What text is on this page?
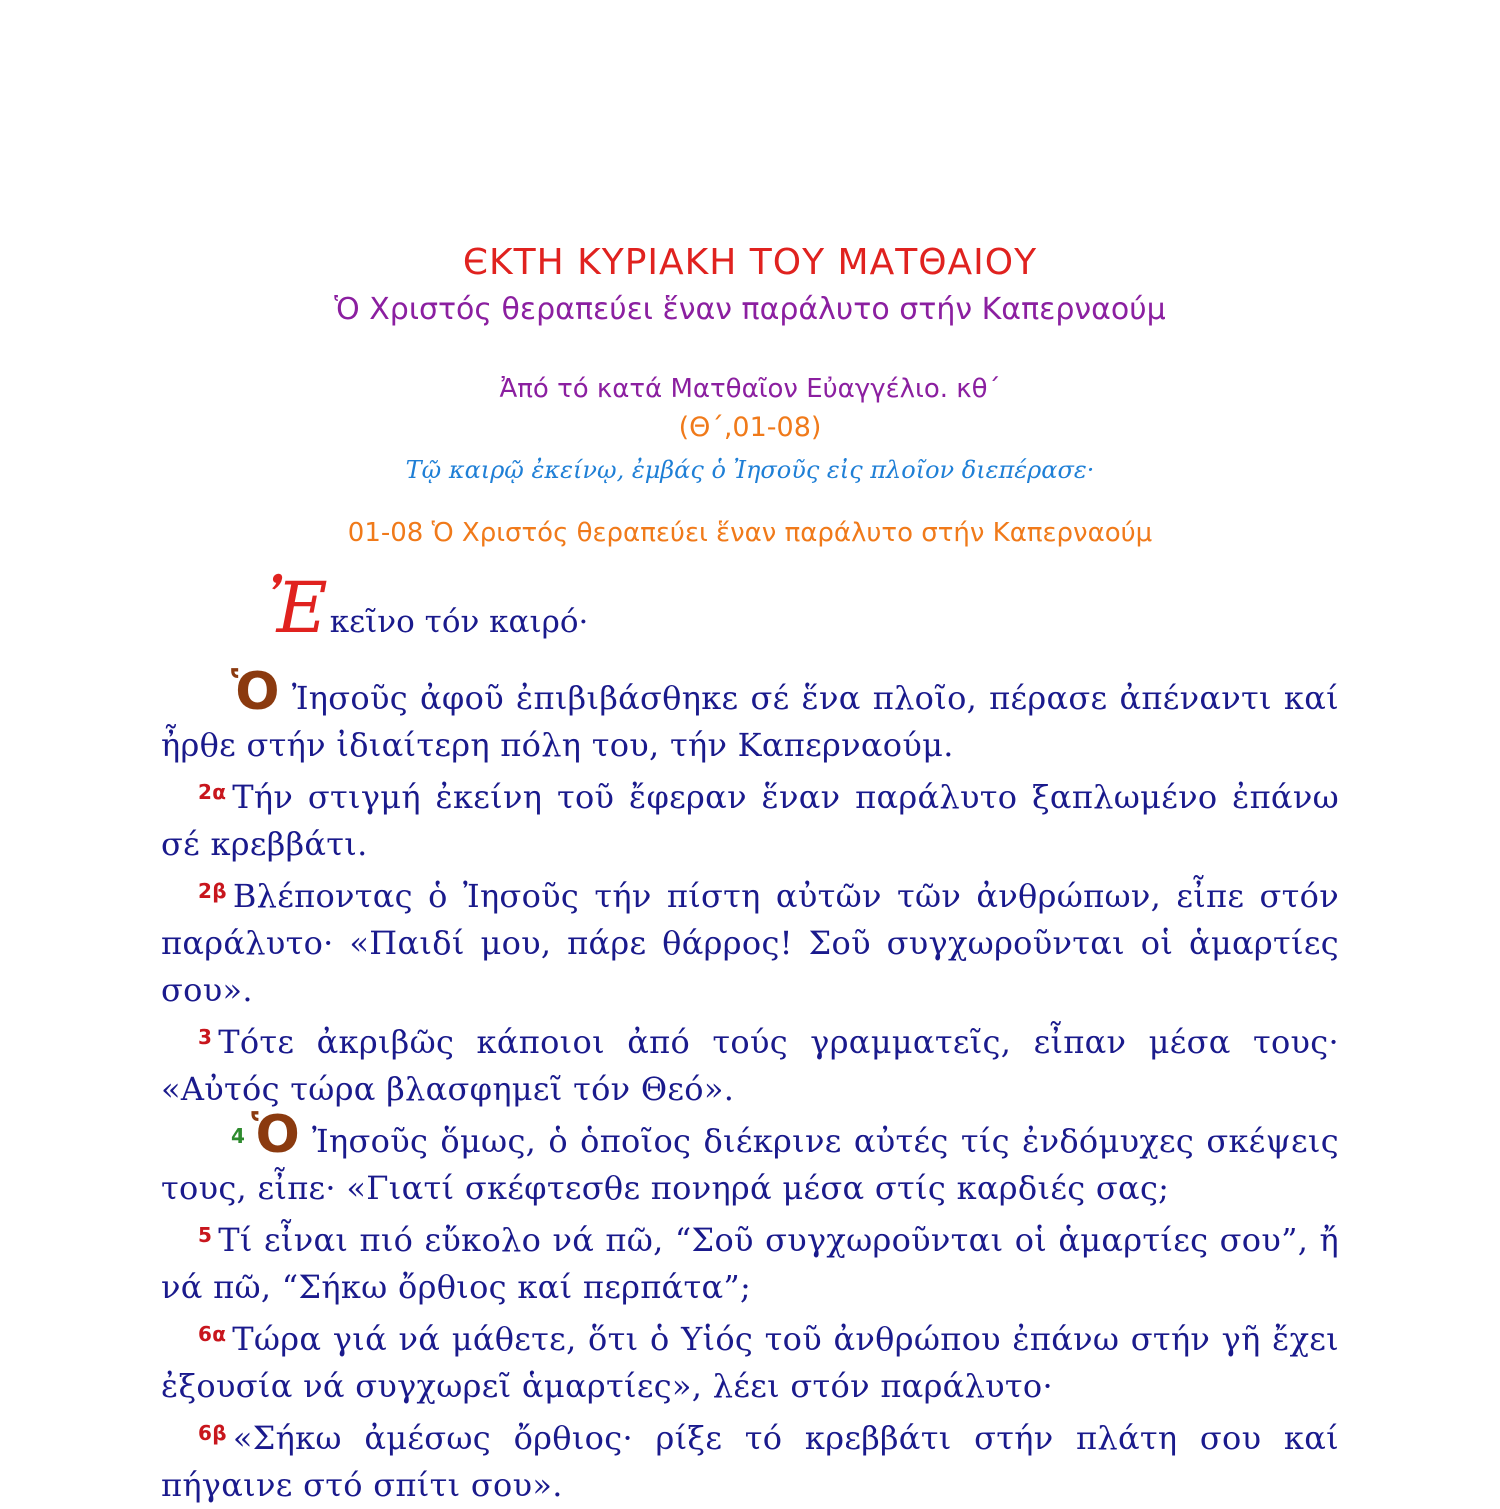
ЄΚΤΗ ΚΥΡΙΑΚΗ ΤΟΥ ΜΑΤΘΑΙΟΥ
Ὁ Χριστός θεραπεύει ἕναν παράλυτο στήν Καπερναούμ
Ἀπό τό κατά Ματθαῖον Εὐαγγέλιο. κθ΄
(Θ΄,01-08)
Τῷ καιρῷ ἐκείνῳ, ἐμβάς ὁ Ἰησοῦς εἰς πλοῖον διεπέρασε·
01-08 Ὁ Χριστός θεραπεύει ἕναν παράλυτο στήν Καπερναούμ
Ἐκεῖνο τόν καιρό·

Ὁ Ἰησοῦς ἀφοῦ ἐπιβιβάσθηκε σέ ἕνα πλοῖο, πέρασε ἀπέναντι καί ἦρθε στήν ἰδιαίτερη πόλη του, τήν Καπερναούμ.

$^{2\alpha}$ Τήν στιγμή ἐκείνη τοῦ ἔφεραν ἕναν παράλυτο ξαπλωμένο ἐπάνω σέ κρεββάτι.

$^{2\beta}$ Βλέποντας ὁ Ἰησοῦς τήν πίστη αὐτῶν τῶν ἀνθρώπων, εἶπε στόν παράλυτο· «Παιδί μου, πάρε θάρρος! Σοῦ συγχωροῦνται οἱ ἁμαρτίες σου».

$^3$ Τότε ἀκριβῶς κάποιοι ἀπό τούς γραμματεῖς, εἶπαν μέσα τους· «Αὐτός τώρα βλασφημεῖ τόν Θεό».

$^4$ Ὁ Ἰησοῦς ὅμως, ὁ ὁποῖος διέκρινε αὐτές τίς ἐνδόμυχες σκέψεις τους, εἶπε· «Γιατί σκέφτεσθε πονηρά μέσα στίς καρδιές σας;

$^5$ Τί εἶναι πιό εὔκολο νά πῶ, “Σοῦ συγχωροῦνται οἱ ἁμαρτίες σου”, ἤ νά πῶ, “Σήκω ὄρθιος καί περπάτα”;

$^{6\alpha}$ Τώρα γιά νά μάθετε, ὅτι ὁ Υἱός τοῦ ἀνθρώπου ἐπάνω στήν γῆ ἔχει ἐξουσία νά συγχωρεῖ ἁμαρτίες», λέει στόν παράλυτο·

$^{6\beta}$ «Σήκω ἀμέσως ὄρθιος· ρίξε τό κρεββάτι στήν πλάτη σου καί πήγαινε στό σπίτι σου».
